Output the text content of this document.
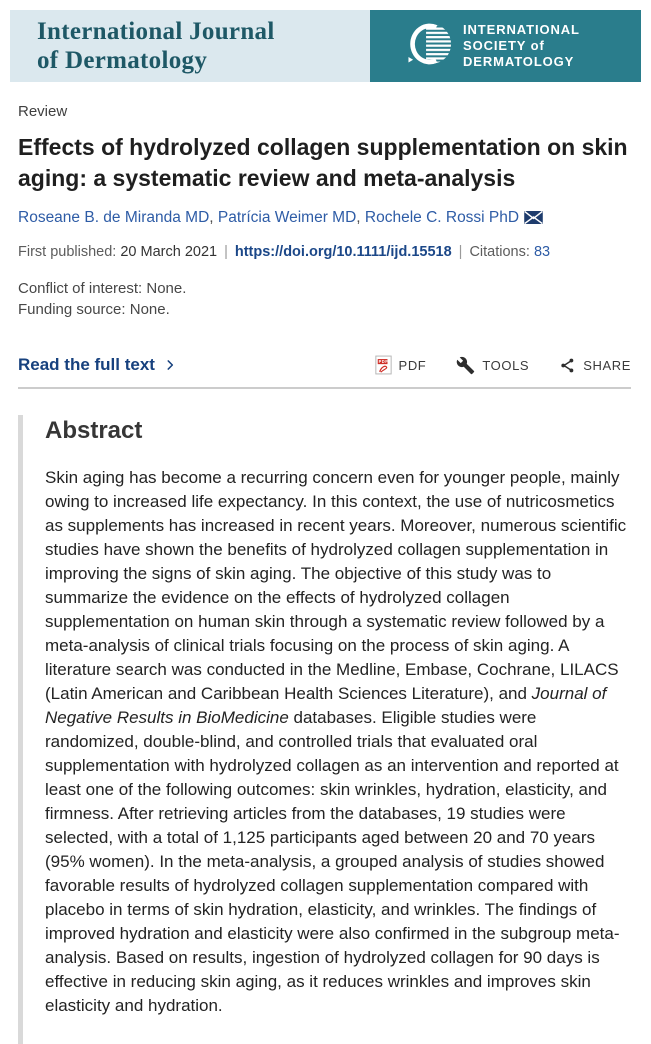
International Journal
of Dermatology
INTERNATIONAL
SOCIETY of
DERMATOLOGY
Review
Effects of hydrolyzed collagen supplementation on skin aging: a systematic review and meta-analysis
Roseane B. de Miranda MD, Patrícia Weimer MD, Rochele C. Rossi PhD
First published: 20 March 2021 | https://doi.org/10.1111/ijd.15518 | Citations: 83
Conflict of interest: None.
Funding source: None.
Read the full text	PDF PDF	TOOLS	SHARE
Abstract

Skin aging has become a recurring concern even for younger people, mainly owing to increased life expectancy. In this context, the use of nutricosmetics as supplements has increased in recent years. Moreover, numerous scientific studies have shown the benefits of hydrolyzed collagen supplementation in improving the signs of skin aging. The objective of this study was to summarize the evidence on the effects of hydrolyzed collagen supplementation on human skin through a systematic review followed by a meta-analysis of clinical trials focusing on the process of skin aging. A literature search was conducted in the Medline, Embase, Cochrane, LILACS (Latin American and Caribbean Health Sciences Literature), and Journal of Negative Results in BioMedicine databases. Eligible studies were randomized, double-blind, and controlled trials that evaluated oral supplementation with hydrolyzed collagen as an intervention and reported at least one of the following outcomes: skin wrinkles, hydration, elasticity, and firmness. After retrieving articles from the databases, 19 studies were selected, with a total of 1,125 participants aged between 20 and 70 years (95% women). In the meta-analysis, a grouped analysis of studies showed favorable results of hydrolyzed collagen supplementation compared with placebo in terms of skin hydration, elasticity, and wrinkles. The findings of improved hydration and elasticity were also confirmed in the subgroup meta-analysis. Based on results, ingestion of hydrolyzed collagen for 90 days is effective in reducing skin aging, as it reduces wrinkles and improves skin elasticity and hydration.
